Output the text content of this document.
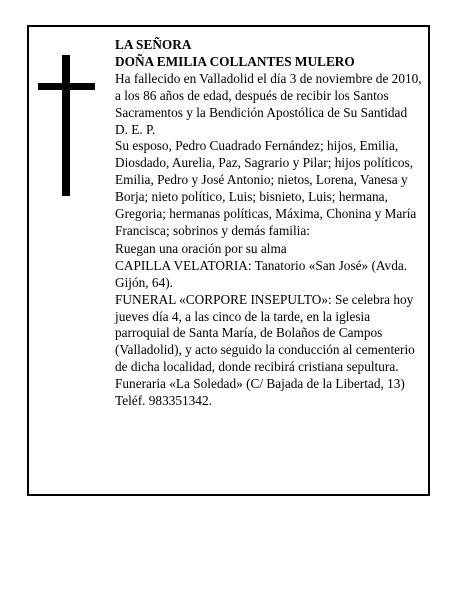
LA SEÑORA

DOÑA EMILIA COLLANTES MULERO

Ha fallecido en Valladolid el día 3 de noviembre de 2010, a los 86 años de edad, después de recibir los Santos Sacramentos y la Bendición Apostólica de Su Santidad

D. E. P.

Su esposo, Pedro Cuadrado Fernández; hijos, Emilia, Diosdado, Aurelia, Paz, Sagrario y Pilar; hijos políticos, Emilia, Pedro y José Antonio; nietos, Lorena, Vanesa y Borja; nieto político, Luis; bisnieto, Luis; hermana, Gregoria; hermanas políticas, Máxima, Chonina y María Francisca; sobrinos y demás familia:

Ruegan una oración por su alma

CAPILLA VELATORIA: Tanatorio «San José» (Avda. Gijón, 64).

FUNERAL «CORPORE INSEPULTO»: Se celebra hoy jueves día 4, a las cinco de la tarde, en la iglesia parroquial de Santa María, de Bolaños de Campos (Valladolid), y acto seguido la conducción al cementerio de dicha localidad, donde recibirá cristiana sepultura.

Funeraria «La Soledad» (C/ Bajada de la Libertad, 13) Teléf. 983351342.
